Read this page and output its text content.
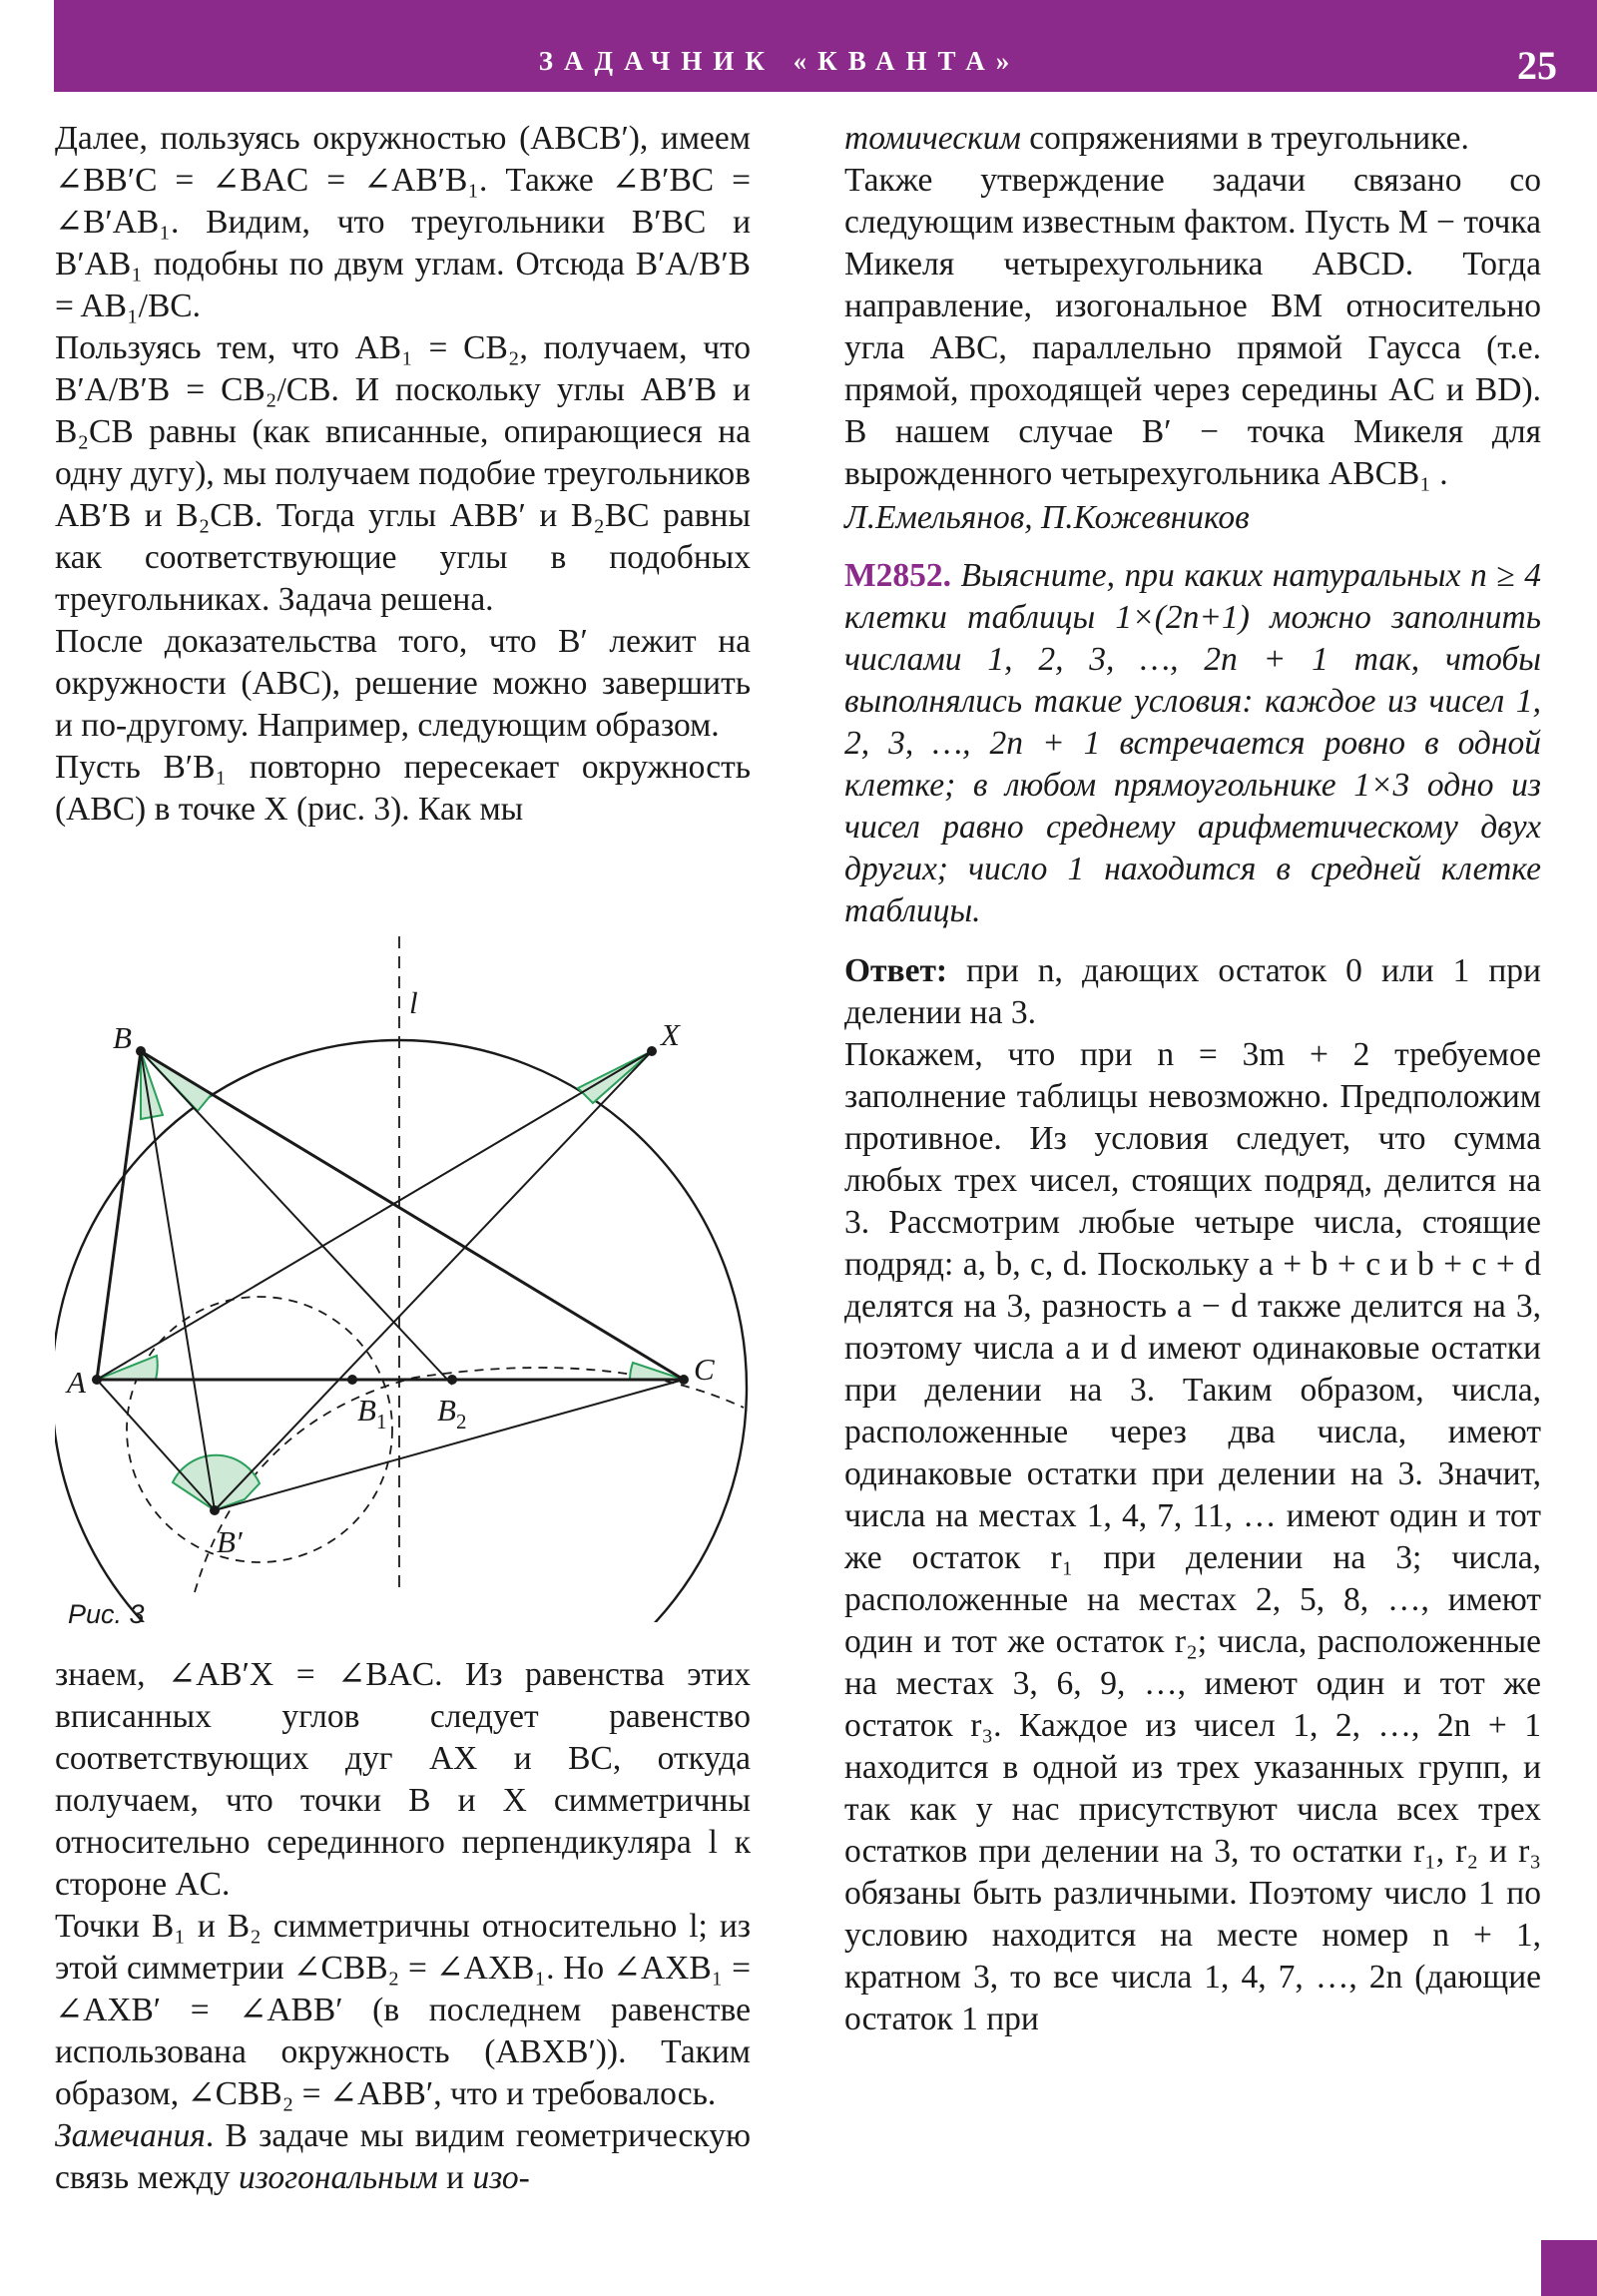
ЗАДАЧНИК «КВАНТА»	25

Далее, пользуясь окружностью (ABCB′), имеем ∠BB′C = ∠BAC = ∠AB′B₁. Также ∠B′BC = ∠B′AB₁. Видим, что треугольники B′BC и B′AB₁ подобны по двум углам. Отсюда B′A/B′B = AB₁/BC.

Пользуясь тем, что AB₁ = CB₂, получаем, что B′A/B′B = CB₂/CB. И поскольку углы AB′B и B₂CB равны (как вписанные, опирающиеся на одну дугу), мы получаем подобие треугольников AB′B и B₂CB. Тогда углы ABB′ и B₂BC равны как соответствующие углы в подобных треугольниках. Задача решена.

После доказательства того, что B′ лежит на окружности (ABC), решение можно завершить и по-другому. Например, следующим образом.

Пусть B′B₁ повторно пересекает окружность (ABC) в точке X (рис. 3). Как мы

B	X
A	C
l
$B_1$ $B_2$
B′
Рис. 3

знаем, ∠AB′X = ∠BAC. Из равенства этих вписанных углов следует равенство соответствующих дуг AX и BC, откуда получаем, что точки B и X симметричны относительно серединного перпендикуляра l к стороне AC.

Точки B₁ и B₂ симметричны относительно l; из этой симметрии ∠CBB₂ = ∠AXB₁. Но ∠AXB₁ = ∠AXB′ = ∠ABB′ (в последнем равенстве использована окружность (ABXB′)). Таким образом, ∠CBB₂ = ∠ABB′, что и требовалось.

Замечания. В задаче мы видим геометрическую связь между изогональным и изо-

томическим сопряжениями в треугольнике.

Также утверждение задачи связано со следующим известным фактом. Пусть M − точка Микеля четырехугольника ABCD. Тогда направление, изогональное BM относительно угла ABC, параллельно прямой Гаусса (т.е. прямой, проходящей через середины AC и BD). В нашем случае B′ − точка Микеля для вырожденного четырехугольника ABCB₁ .

Л.Емельянов, П.Кожевников

М2852. Выясните, при каких натуральных n ≥ 4 клетки таблицы 1×(2n+1) можно заполнить числами 1, 2, 3, …, 2n + 1 так, чтобы выполнялись такие условия: каждое из чисел 1, 2, 3, …, 2n + 1 встречается ровно в одной клетке; в любом прямоугольнике 1×3 одно из чисел равно среднему арифметическому двух других; число 1 находится в средней клетке таблицы.

Ответ: при n, дающих остаток 0 или 1 при делении на 3.

Покажем, что при n = 3m + 2 требуемое заполнение таблицы невозможно. Предположим противное. Из условия следует, что сумма любых трех чисел, стоящих подряд, делится на 3. Рассмотрим любые четыре числа, стоящие подряд: a, b, c, d. Поскольку a + b + c и b + c + d делятся на 3, разность a − d также делится на 3, поэтому числа a и d имеют одинаковые остатки при делении на 3. Таким образом, числа, расположенные через два числа, имеют одинаковые остатки при делении на 3. Значит, числа на местах 1, 4, 7, 11, … имеют один и тот же остаток r₁ при делении на 3; числа, расположенные на местах 2, 5, 8, …, имеют один и тот же остаток r₂; числа, расположенные на местах 3, 6, 9, …, имеют один и тот же остаток r₃. Каждое из чисел 1, 2, …, 2n + 1 находится в одной из трех указанных групп, и так как у нас присутствуют числа всех трех остатков при делении на 3, то остатки r₁, r₂ и r₃ обязаны быть различными. Поэтому число 1 по условию находится на месте номер n + 1, кратном 3, то все числа 1, 4, 7, …, 2n (дающие остаток 1 при
